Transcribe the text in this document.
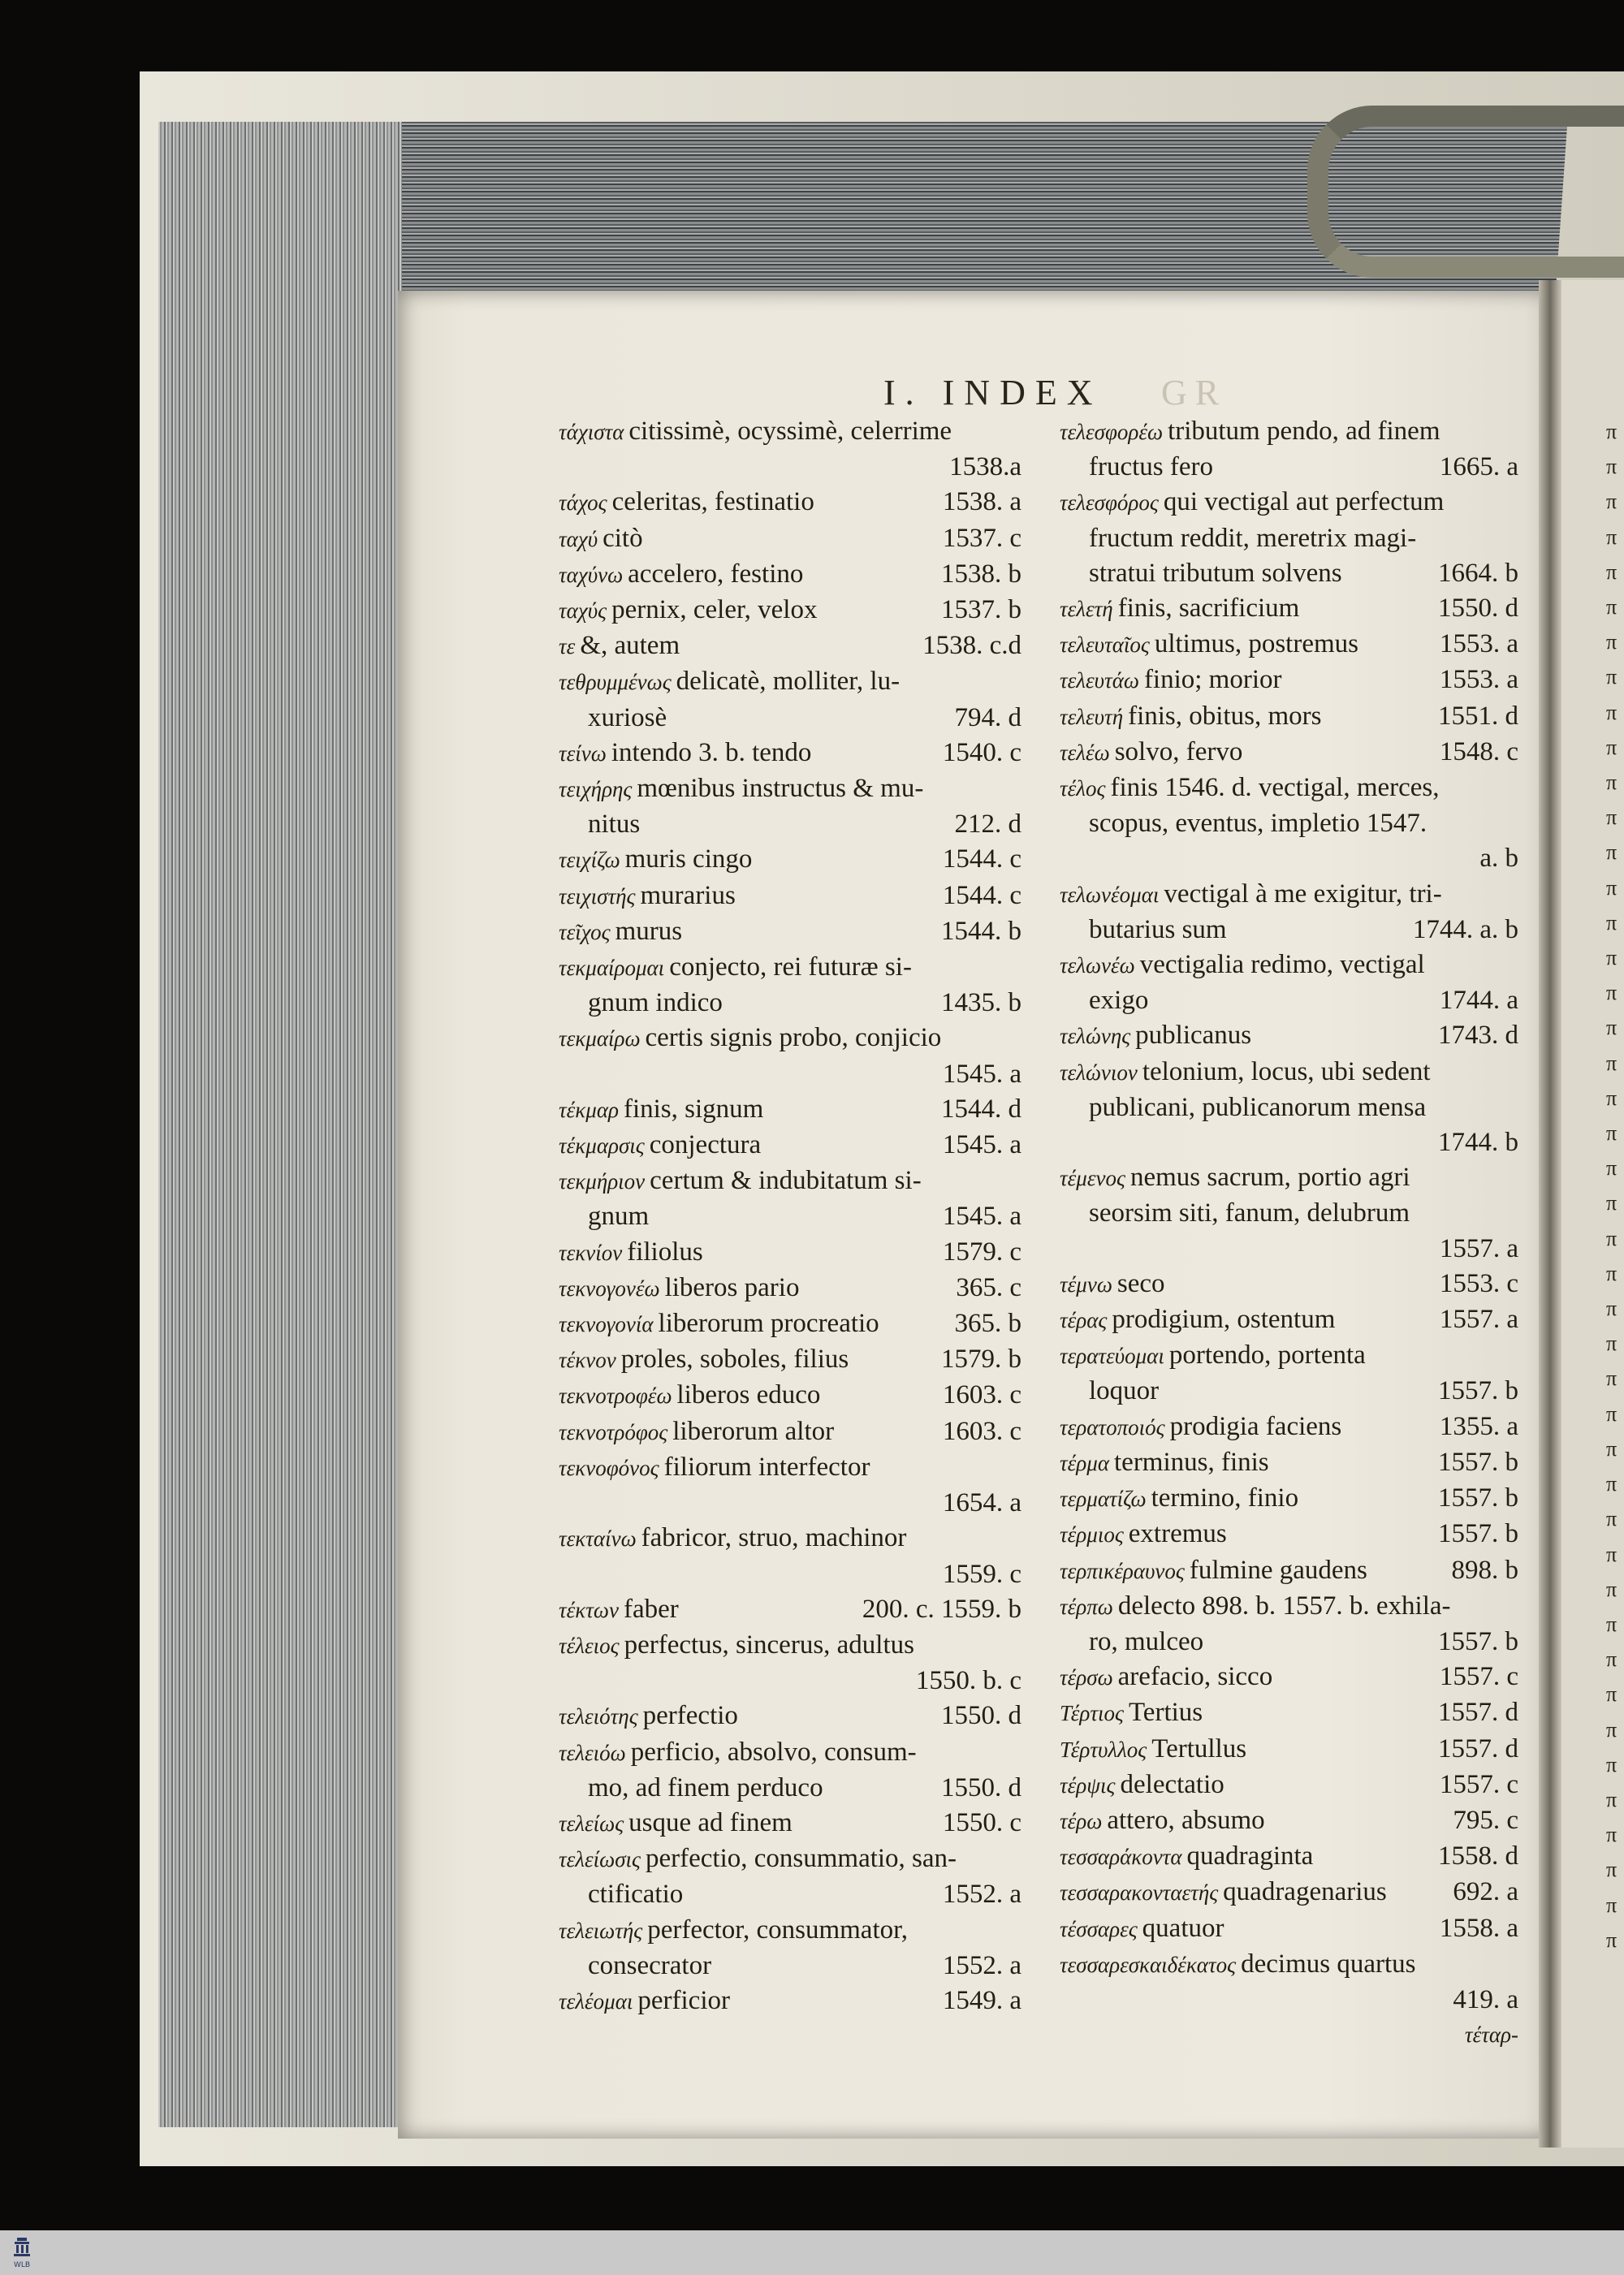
I. INDEX GR
τάχιστα citissimè, ocyssimè, celerrime
1538.a
τάχος celeritas, festinatio	1538. a
ταχύ citò	1537. c
ταχύνω accelero, festino	1538. b
ταχύς pernix, celer, velox	1537. b
τε &, autem	1538. c.d
τεθρυμμένως delicatè, molliter, lu-
xuriosè	794. d
τείνω intendo 3. b. tendo	1540. c
τειχήρης mœnibus instructus & mu-
nitus	212. d
τειχίζω muris cingo	1544. c
τειχιστής murarius	1544. c
τεῖχος murus	1544. b
τεκμαίρομαι conjecto, rei futuræ si-
gnum indico	1435. b
τεκμαίρω certis signis probo, conjicio
1545. a
τέκμαρ finis, signum	1544. d
τέκμαρσις conjectura	1545. a
τεκμήριον certum & indubitatum si-
gnum	1545. a
τεκνίον filiolus	1579. c
τεκνογονέω liberos pario	365. c
τεκνογονία liberorum procreatio	365. b
τέκνον proles, soboles, filius	1579. b
τεκνοτροφέω liberos educo	1603. c
τεκνοτρόφος liberorum altor	1603. c
τεκνοφόνος filiorum interfector
1654. a
τεκταίνω fabricor, struo, machinor
1559. c
τέκτων faber	200. c. 1559. b
τέλειος perfectus, sincerus, adultus
1550. b. c
τελειότης perfectio	1550. d
τελειόω perficio, absolvo, consum-
mo, ad finem perduco	1550. d
τελείως usque ad finem	1550. c
τελείωσις perfectio, consummatio, san-
ctificatio	1552. a
τελειωτής perfector, consummator,
consecrator	1552. a
τελέομαι perficior	1549. a
τελεσφορέω tributum pendo, ad finem
fructus fero	1665. a
τελεσφόρος qui vectigal aut perfectum
fructum reddit, meretrix magi-
stratui tributum solvens	1664. b
τελετή finis, sacrificium	1550. d
τελευταῖος ultimus, postremus	1553. a
τελευτάω finio; morior	1553. a
τελευτή finis, obitus, mors	1551. d
τελέω solvo, fervo	1548. c
τέλος finis 1546. d. vectigal, merces,
scopus, eventus, impletio 1547.
a. b
τελωνέομαι vectigal à me exigitur, tri-
butarius sum	1744. a. b
τελωνέω vectigalia redimo, vectigal
exigo	1744. a
τελώνης publicanus	1743. d
τελώνιον telonium, locus, ubi sedent
publicani, publicanorum mensa
1744. b
τέμενος nemus sacrum, portio agri
seorsim siti, fanum, delubrum
1557. a
τέμνω seco	1553. c
τέρας prodigium, ostentum	1557. a
τερατεύομαι portendo, portenta
loquor	1557. b
τερατοποιός prodigia faciens	1355. a
τέρμα terminus, finis	1557. b
τερματίζω termino, finio	1557. b
τέρμιος extremus	1557. b
τερπικέραυνος fulmine gaudens	898. b
τέρπω delecto 898. b. 1557. b. exhila-
ro, mulceo	1557. b
τέρσω arefacio, sicco	1557. c
Τέρτιος Tertius	1557. d
Τέρτυλλος Tertullus	1557. d
τέρψις delectatio	1557. c
τέρω attero, absumo	795. c
τεσσαράκοντα quadraginta	1558. d
τεσσαρακονταετής quadragenarius	692. a
τέσσαρες quatuor	1558. a
τεσσαρεσκαιδέκατος decimus quartus
419. a
τέταρ-
π
π
π
π
π
π
π
π
π
π
π
π
π
π
π
π
π
π
π
π
π
π
π
π
π
π
π
π
π
π
π
π
π
π
π
π
π
π
π
π
π
π
π
π
WLB
